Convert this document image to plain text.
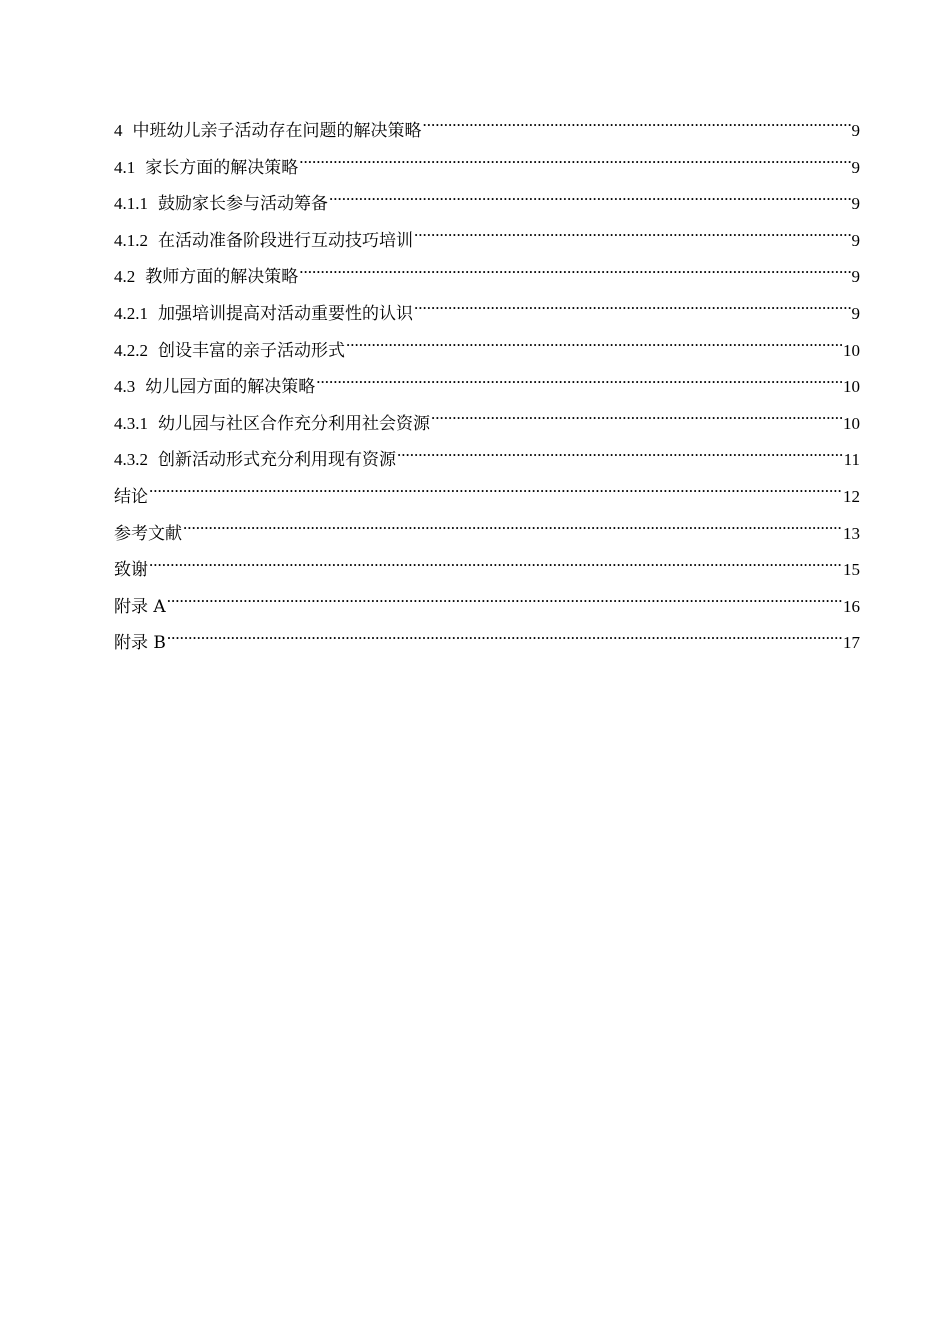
4 中班幼儿亲子活动存在问题的解决策略 .....	9
4.1 家长方面的解决策略 .....	9
4.1.1 鼓励家长参与活动筹备 .....	9
4.1.2 在活动准备阶段进行互动技巧培训 .....	9
4.2 教师方面的解决策略 .....	9
4.2.1 加强培训提高对活动重要性的认识 .....	9
4.2.2 创设丰富的亲子活动形式 .....	10
4.3 幼儿园方面的解决策略 .....	10
4.3.1 幼儿园与社区合作充分利用社会资源 .....	10
4.3.2 创新活动形式充分利用现有资源 .....	11
结论 .....	12
参考文献 .....	13
致谢 .....	15
附录 A .....	16
附录 B .....	17
